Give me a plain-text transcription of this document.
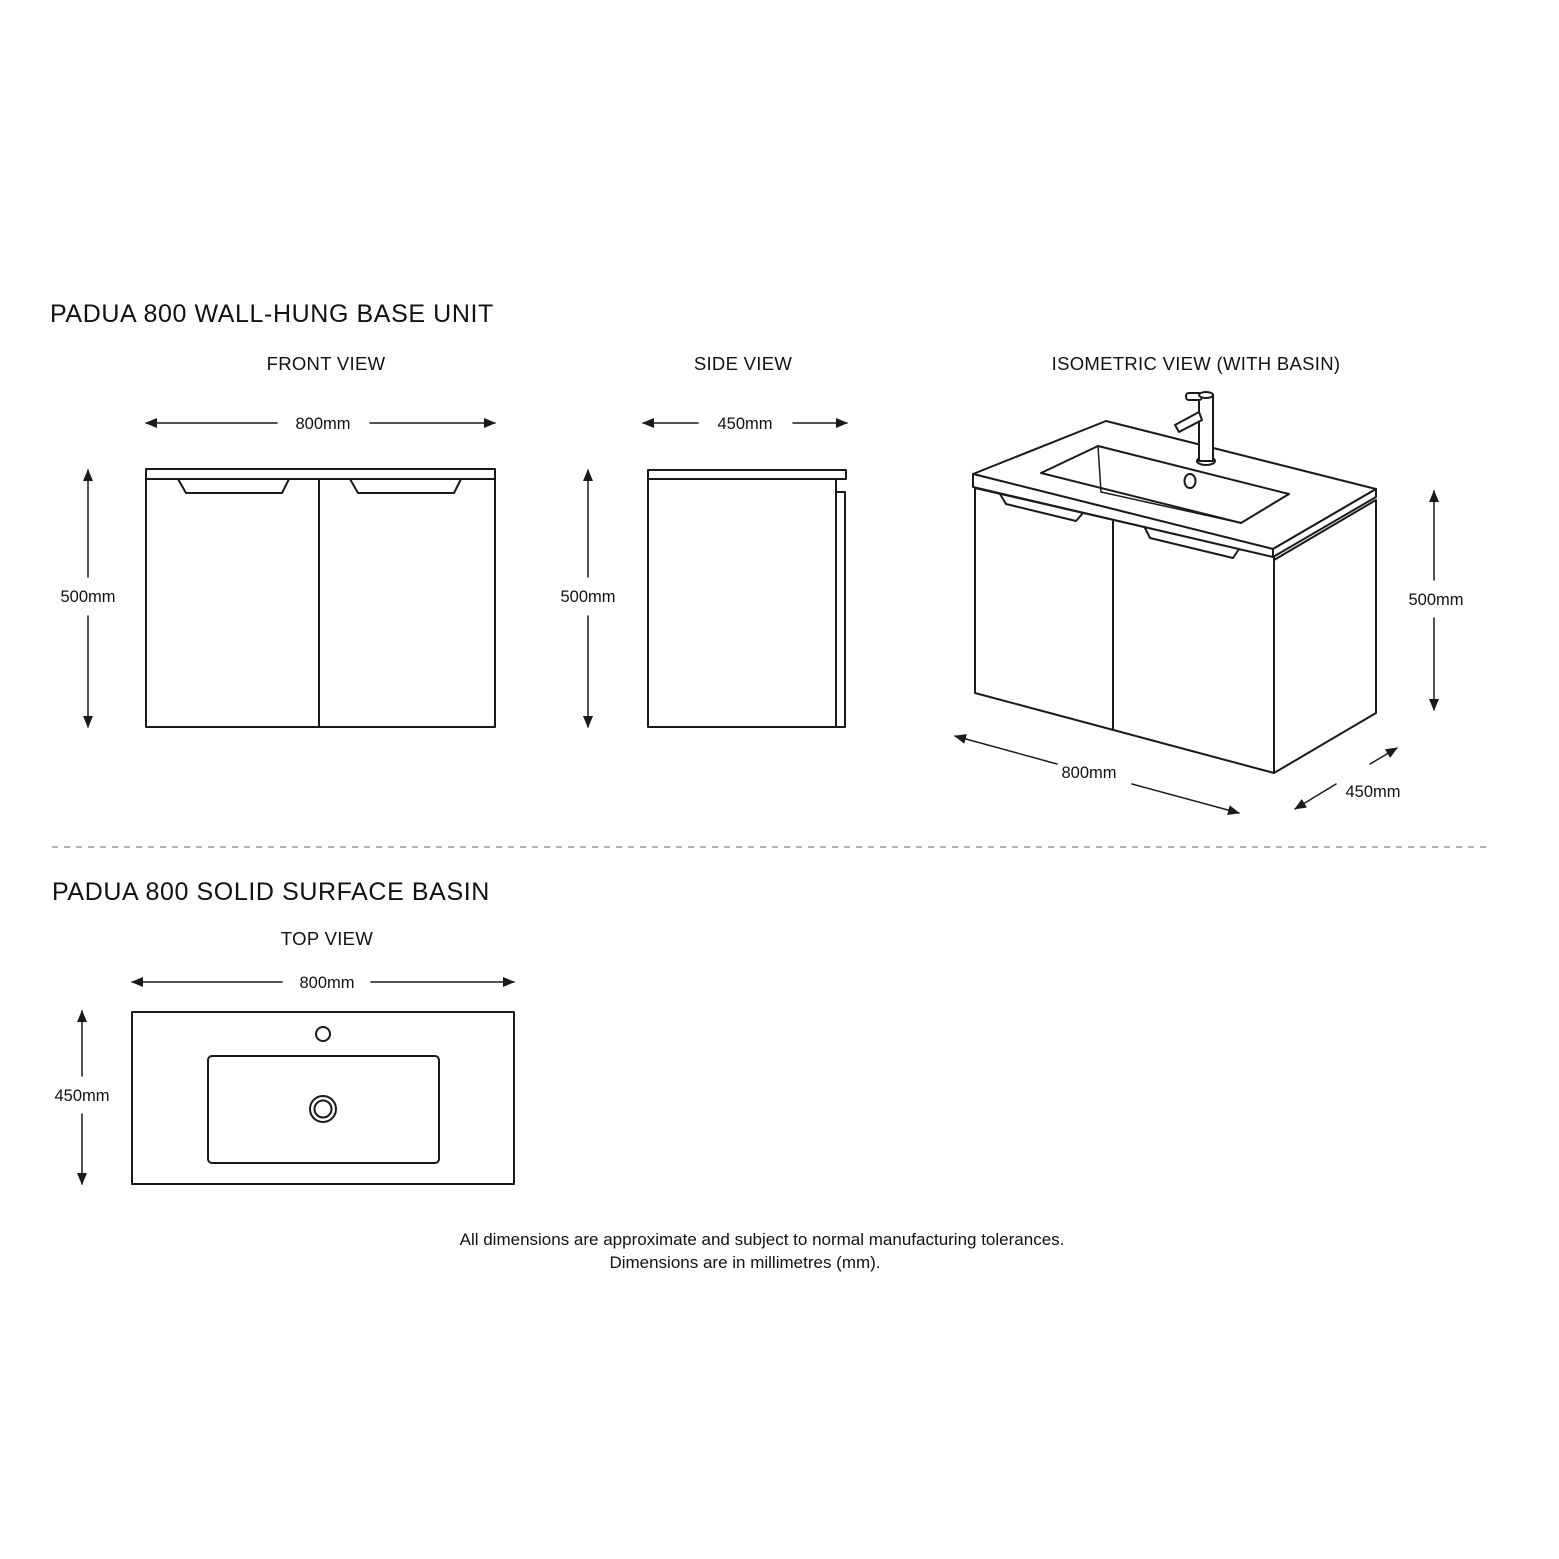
PADUA 800 WALL-HUNG BASE UNIT
PADUA 800 SOLID SURFACE BASIN
FRONT VIEW	SIDE VIEW	ISOMETRIC VIEW (WITH BASIN)
TOP VIEW
800mm
500mm
450mm
500mm	500mm
800mm
450mm
800mm
450mm
All dimensions are approximate and subject to normal manufacturing tolerances.
Dimensions are in millimetres (mm).
